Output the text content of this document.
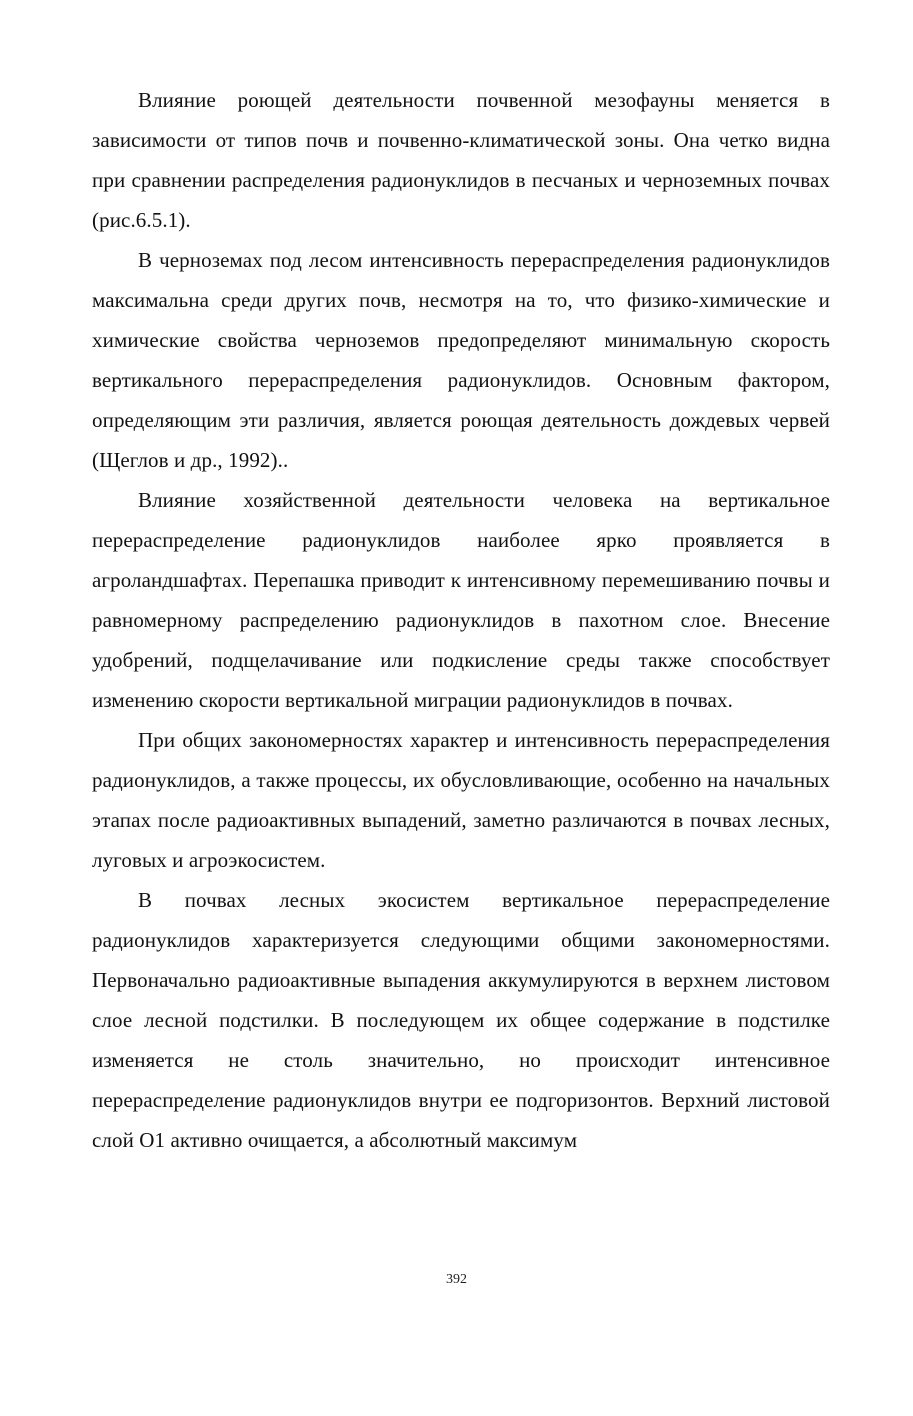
Влияние роющей деятельности почвенной мезофауны меняется в зависимости от типов почв и почвенно-климатической зоны. Она четко видна при сравнении распределения радионуклидов в песчаных и черноземных почвах (рис.6.5.1).

В черноземах под лесом интенсивность перераспределения радионуклидов максимальна среди других почв, несмотря на то, что физико-химические и химические свойства черноземов предопределяют минимальную скорость вертикального перераспределения радионуклидов. Основным фактором, определяющим эти различия, является роющая деятельность дождевых червей (Щеглов и др., 1992)..

Влияние хозяйственной деятельности человека на вертикальное перераспределение радионуклидов наиболее ярко проявляется в агроландшафтах. Перепашка приводит к интенсивному перемешиванию почвы и равномерному распределению радионуклидов в пахотном слое. Внесение удобрений, подщелачивание или подкисление среды также способствует изменению скорости вертикальной миграции радионуклидов в почвах.

При общих закономерностях характер и интенсивность перераспределения радионуклидов, а также процессы, их обусловливающие, особенно на начальных этапах после радиоактивных выпадений, заметно различаются в почвах лесных, луговых и агроэкосистем.

В почвах лесных экосистем вертикальное перераспределение радионуклидов характеризуется следующими общими закономерностями. Первоначально радиоактивные выпадения аккумулируются в верхнем листовом слое лесной подстилки. В последующем их общее содержание в подстилке изменяется не столь значительно, но происходит интенсивное перераспределение радионуклидов внутри ее подгоризонтов. Верхний листовой слой О1 активно очищается, а абсолютный максимум

392
